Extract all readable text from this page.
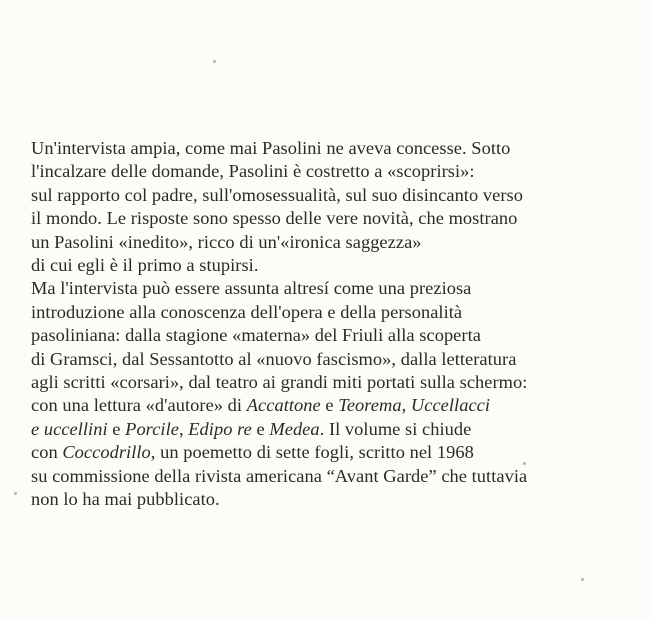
Un'intervista ampia, come mai Pasolini ne aveva concesse. Sotto
l'incalzare delle domande, Pasolini è costretto a «scoprirsi»:
sul rapporto col padre, sull'omosessualità, sul suo disincanto verso
il mondo. Le risposte sono spesso delle vere novità, che mostrano
un Pasolini «inedito», ricco di un'«ironica saggezza»
di cui egli è il primo a stupirsi.
Ma l'intervista può essere assunta altresí come una preziosa
introduzione alla conoscenza dell'opera e della personalità
pasoliniana: dalla stagione «materna» del Friuli alla scoperta
di Gramsci, dal Sessantotto al «nuovo fascismo», dalla letteratura
agli scritti «corsari», dal teatro ai grandi miti portati sulla schermo:
con una lettura «d'autore» di Accattone e Teorema, Uccellacci
e uccellini e Porcile, Edipo re e Medea. Il volume si chiude
con Coccodrillo, un poemetto di sette fogli, scritto nel 1968
su commissione della rivista americana “Avant Garde” che tuttavia
non lo ha mai pubblicato.
